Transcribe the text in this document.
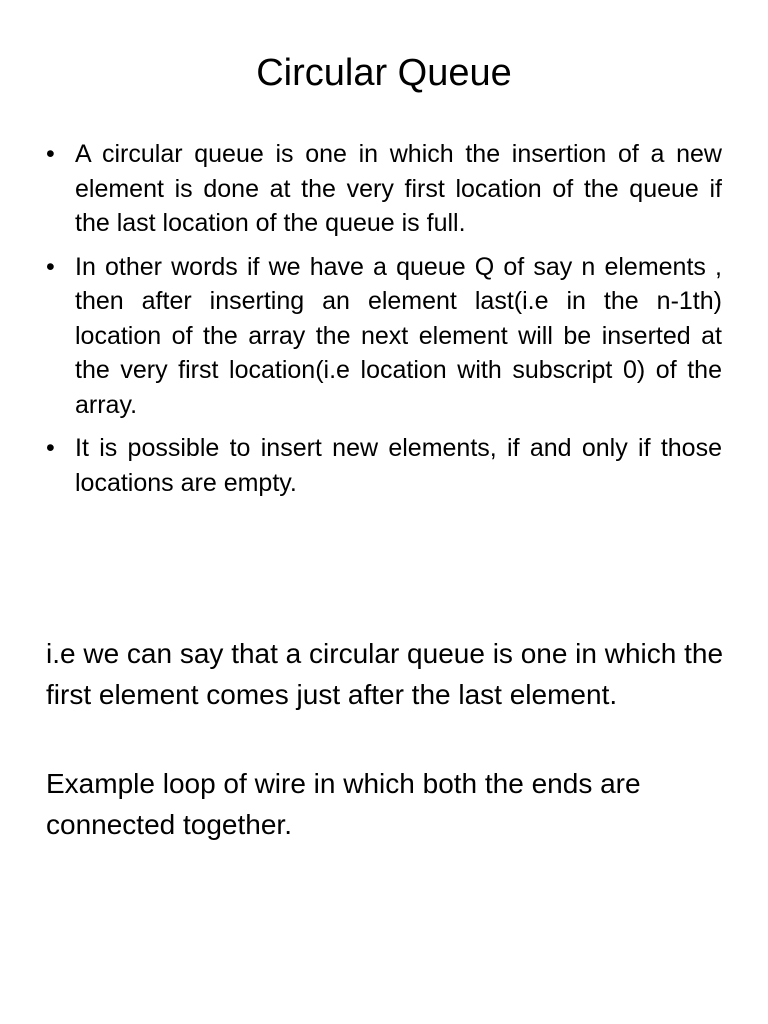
Circular Queue
• A circular queue is one in which the insertion of a new element is done at the very first location of the queue if the last location of the queue is full.
• In other words if we have a queue Q of say n elements , then after inserting an element last(i.e in the n-1th) location of the array the next element will be inserted at the very first location(i.e location with subscript 0) of the array.
• It is possible to insert new elements, if and only if those locations are empty.

i.e we can say that a circular queue is one in which the first element comes just after the last element.

Example loop of wire in which both the ends are connected together.
